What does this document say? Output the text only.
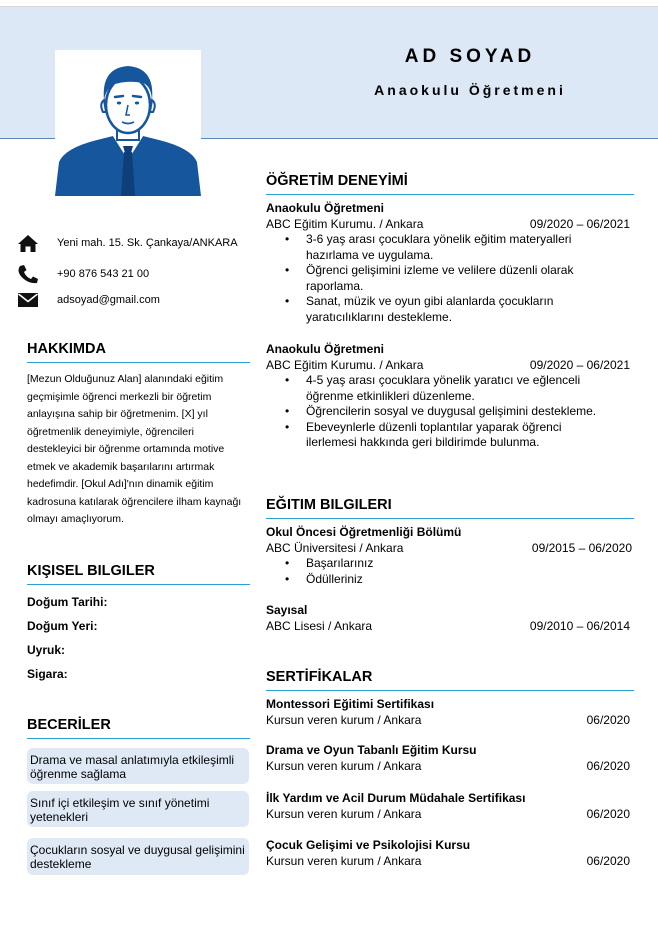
AD SOYAD
Anaokulu Öğretmeni
Yeni mah. 15. Sk. Çankaya/ANKARA
+90 876 543 21 00
adsoyad@gmail.com
HAKKIMDA
[Mezun Olduğunuz Alan] alanındaki eğitim geçmişimle öğrenci merkezli bir öğretim anlayışına sahip bir öğretmenim. [X] yıl öğretmenlik deneyimiyle, öğrencileri destekleyici bir öğrenme ortamında motive etmek ve akademik başarılarını artırmak hedefimdir. [Okul Adı]'nın dinamik eğitim kadrosuna katılarak öğrencilere ilham kaynağı olmayı amaçlıyorum.
KIŞISEL BILGILER
Doğum Tarihi:
Doğum Yeri:
Uyruk:
Sigara:
BECERİLER
Drama ve masal anlatımıyla etkileşimli öğrenme sağlama
Sınıf içi etkileşim ve sınıf yönetimi yetenekleri
Çocukların sosyal ve duygusal gelişimini destekleme
ÖĞRETİM DENEYİMİ
Anaokulu Öğretmeni
ABC Eğitim Kurumu. / Ankara	09/2020 – 06/2021
• 3-6 yaş arası çocuklara yönelik eğitim materyalleri hazırlama ve uygulama.
• Öğrenci gelişimini izleme ve velilere düzenli olarak raporlama.
• Sanat, müzik ve oyun gibi alanlarda çocukların yaratıcılıklarını destekleme.
Anaokulu Öğretmeni
ABC Eğitim Kurumu. / Ankara	09/2020 – 06/2021
• 4-5 yaş arası çocuklara yönelik yaratıcı ve eğlenceli öğrenme etkinlikleri düzenleme.
• Öğrencilerin sosyal ve duygusal gelişimini destekleme.
• Ebeveynlerle düzenli toplantılar yaparak öğrenci ilerlemesi hakkında geri bildirimde bulunma.
EĞITIM BILGILERI
Okul Öncesi Öğretmenliği Bölümü
ABC Üniversitesi / Ankara	09/2015 – 06/2020
• Başarılarınız
• Ödülleriniz
Sayısal
ABC Lisesi / Ankara	09/2010 – 06/2014
SERTİFİKALAR
Montessori Eğitimi Sertifikası
Kursun veren kurum / Ankara	06/2020
Drama ve Oyun Tabanlı Eğitim Kursu
Kursun veren kurum / Ankara	06/2020
İlk Yardım ve Acil Durum Müdahale Sertifikası
Kursun veren kurum / Ankara	06/2020
Çocuk Gelişimi ve Psikolojisi Kursu
Kursun veren kurum / Ankara	06/2020
